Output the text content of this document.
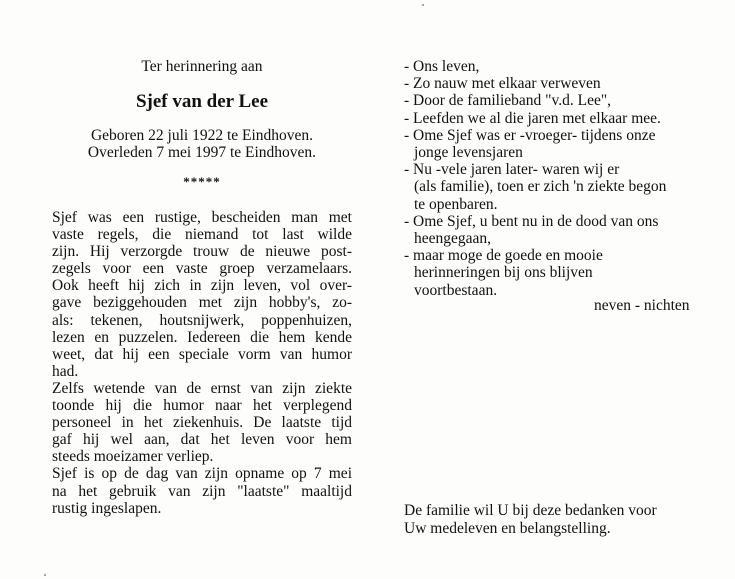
Ter herinnering aan

Sjef van der Lee

Geboren 22 juli 1922 te Eindhoven.
Overleden 7 mei 1997 te Eindhoven.
*****
Sjef was een rustige, bescheiden man met
vaste regels, die niemand tot last wilde
zijn. Hij verzorgde trouw de nieuwe post-
zegels voor een vaste groep verzamelaars.
Ook heeft hij zich in zijn leven, vol over-
gave beziggehouden met zijn hobby's, zo-
als: tekenen, houtsnijwerk, poppenhuizen,
lezen en puzzelen. Iedereen die hem kende
weet, dat hij een speciale vorm van humor
had.
Zelfs wetende van de ernst van zijn ziekte
toonde hij die humor naar het verplegend
personeel in het ziekenhuis. De laatste tijd
gaf hij wel aan, dat het leven voor hem
steeds moeizamer verliep.
Sjef is op de dag van zijn opname op 7 mei
na het gebruik van zijn "laatste" maaltijd
rustig ingeslapen.
- Ons leven,
- Zo nauw met elkaar verweven
- Door de familieband "v.d. Lee",
- Leefden we al die jaren met elkaar mee.
- Ome Sjef was er -vroeger- tijdens onze
jonge levensjaren
- Nu -vele jaren later- waren wij er
(als familie), toen er zich 'n ziekte begon
te openbaren.
- Ome Sjef, u bent nu in de dood van ons
heengegaan,
- maar moge de goede en mooie
herinneringen bij ons blijven
voortbestaan.
neven - nichten
De familie wil U bij deze bedanken voor
Uw medeleven en belangstelling.
